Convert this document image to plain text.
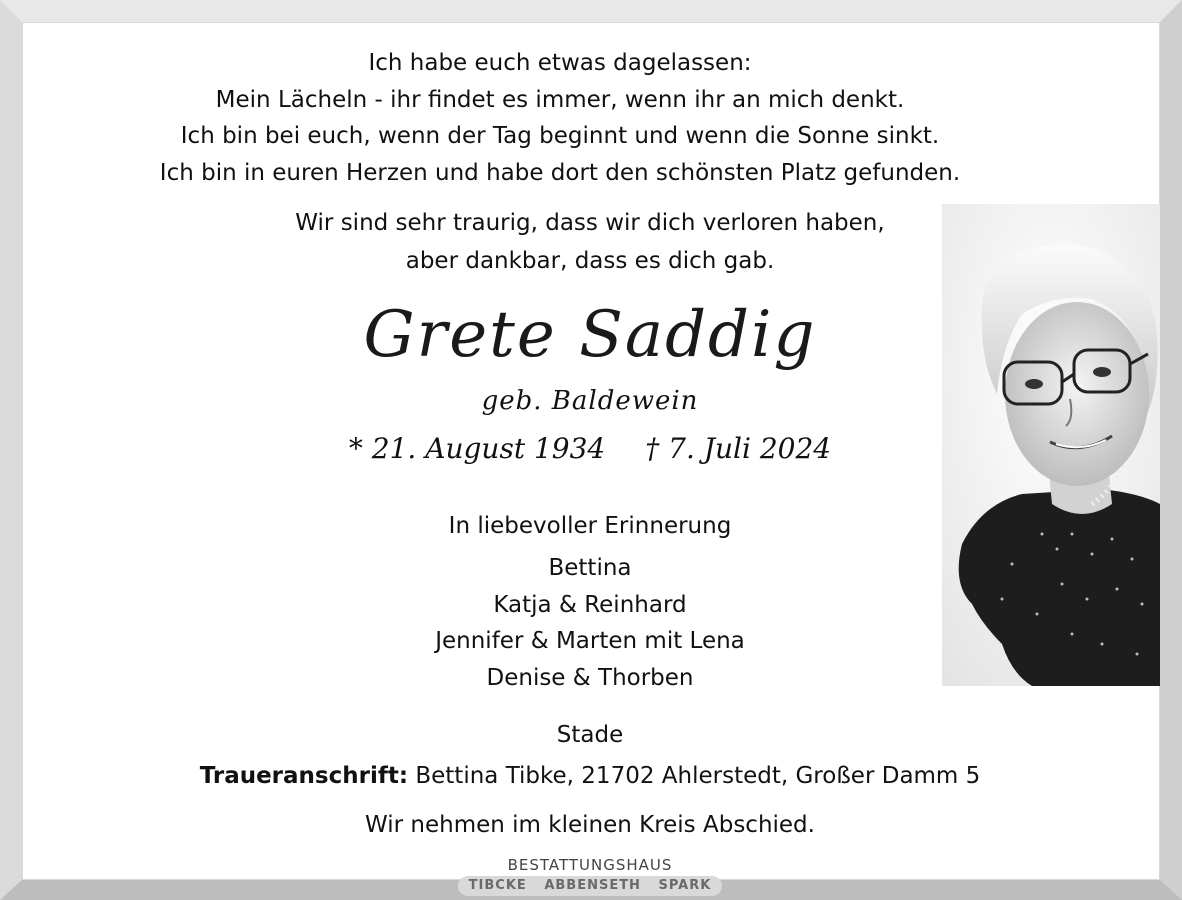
Ich habe euch etwas dagelassen:
Mein Lächeln - ihr findet es immer, wenn ihr an mich denkt.
Ich bin bei euch, wenn der Tag beginnt und wenn die Sonne sinkt.
Ich bin in euren Herzen und habe dort den schönsten Platz gefunden.
Wir sind sehr traurig, dass wir dich verloren haben,
aber dankbar, dass es dich gab.
Grete Saddig
geb. Baldewein
* 21. August 1934 † 7. Juli 2024
In liebevoller Erinnerung
Bettina
Katja & Reinhard
Jennifer & Marten mit Lena
Denise & Thorben
Stade
Traueranschrift: Bettina Tibke, 21702 Ahlerstedt, Großer Damm 5
Wir nehmen im kleinen Kreis Abschied.
BESTATTUNGSHAUS
TIBCKE ABBENSETH SPARK
